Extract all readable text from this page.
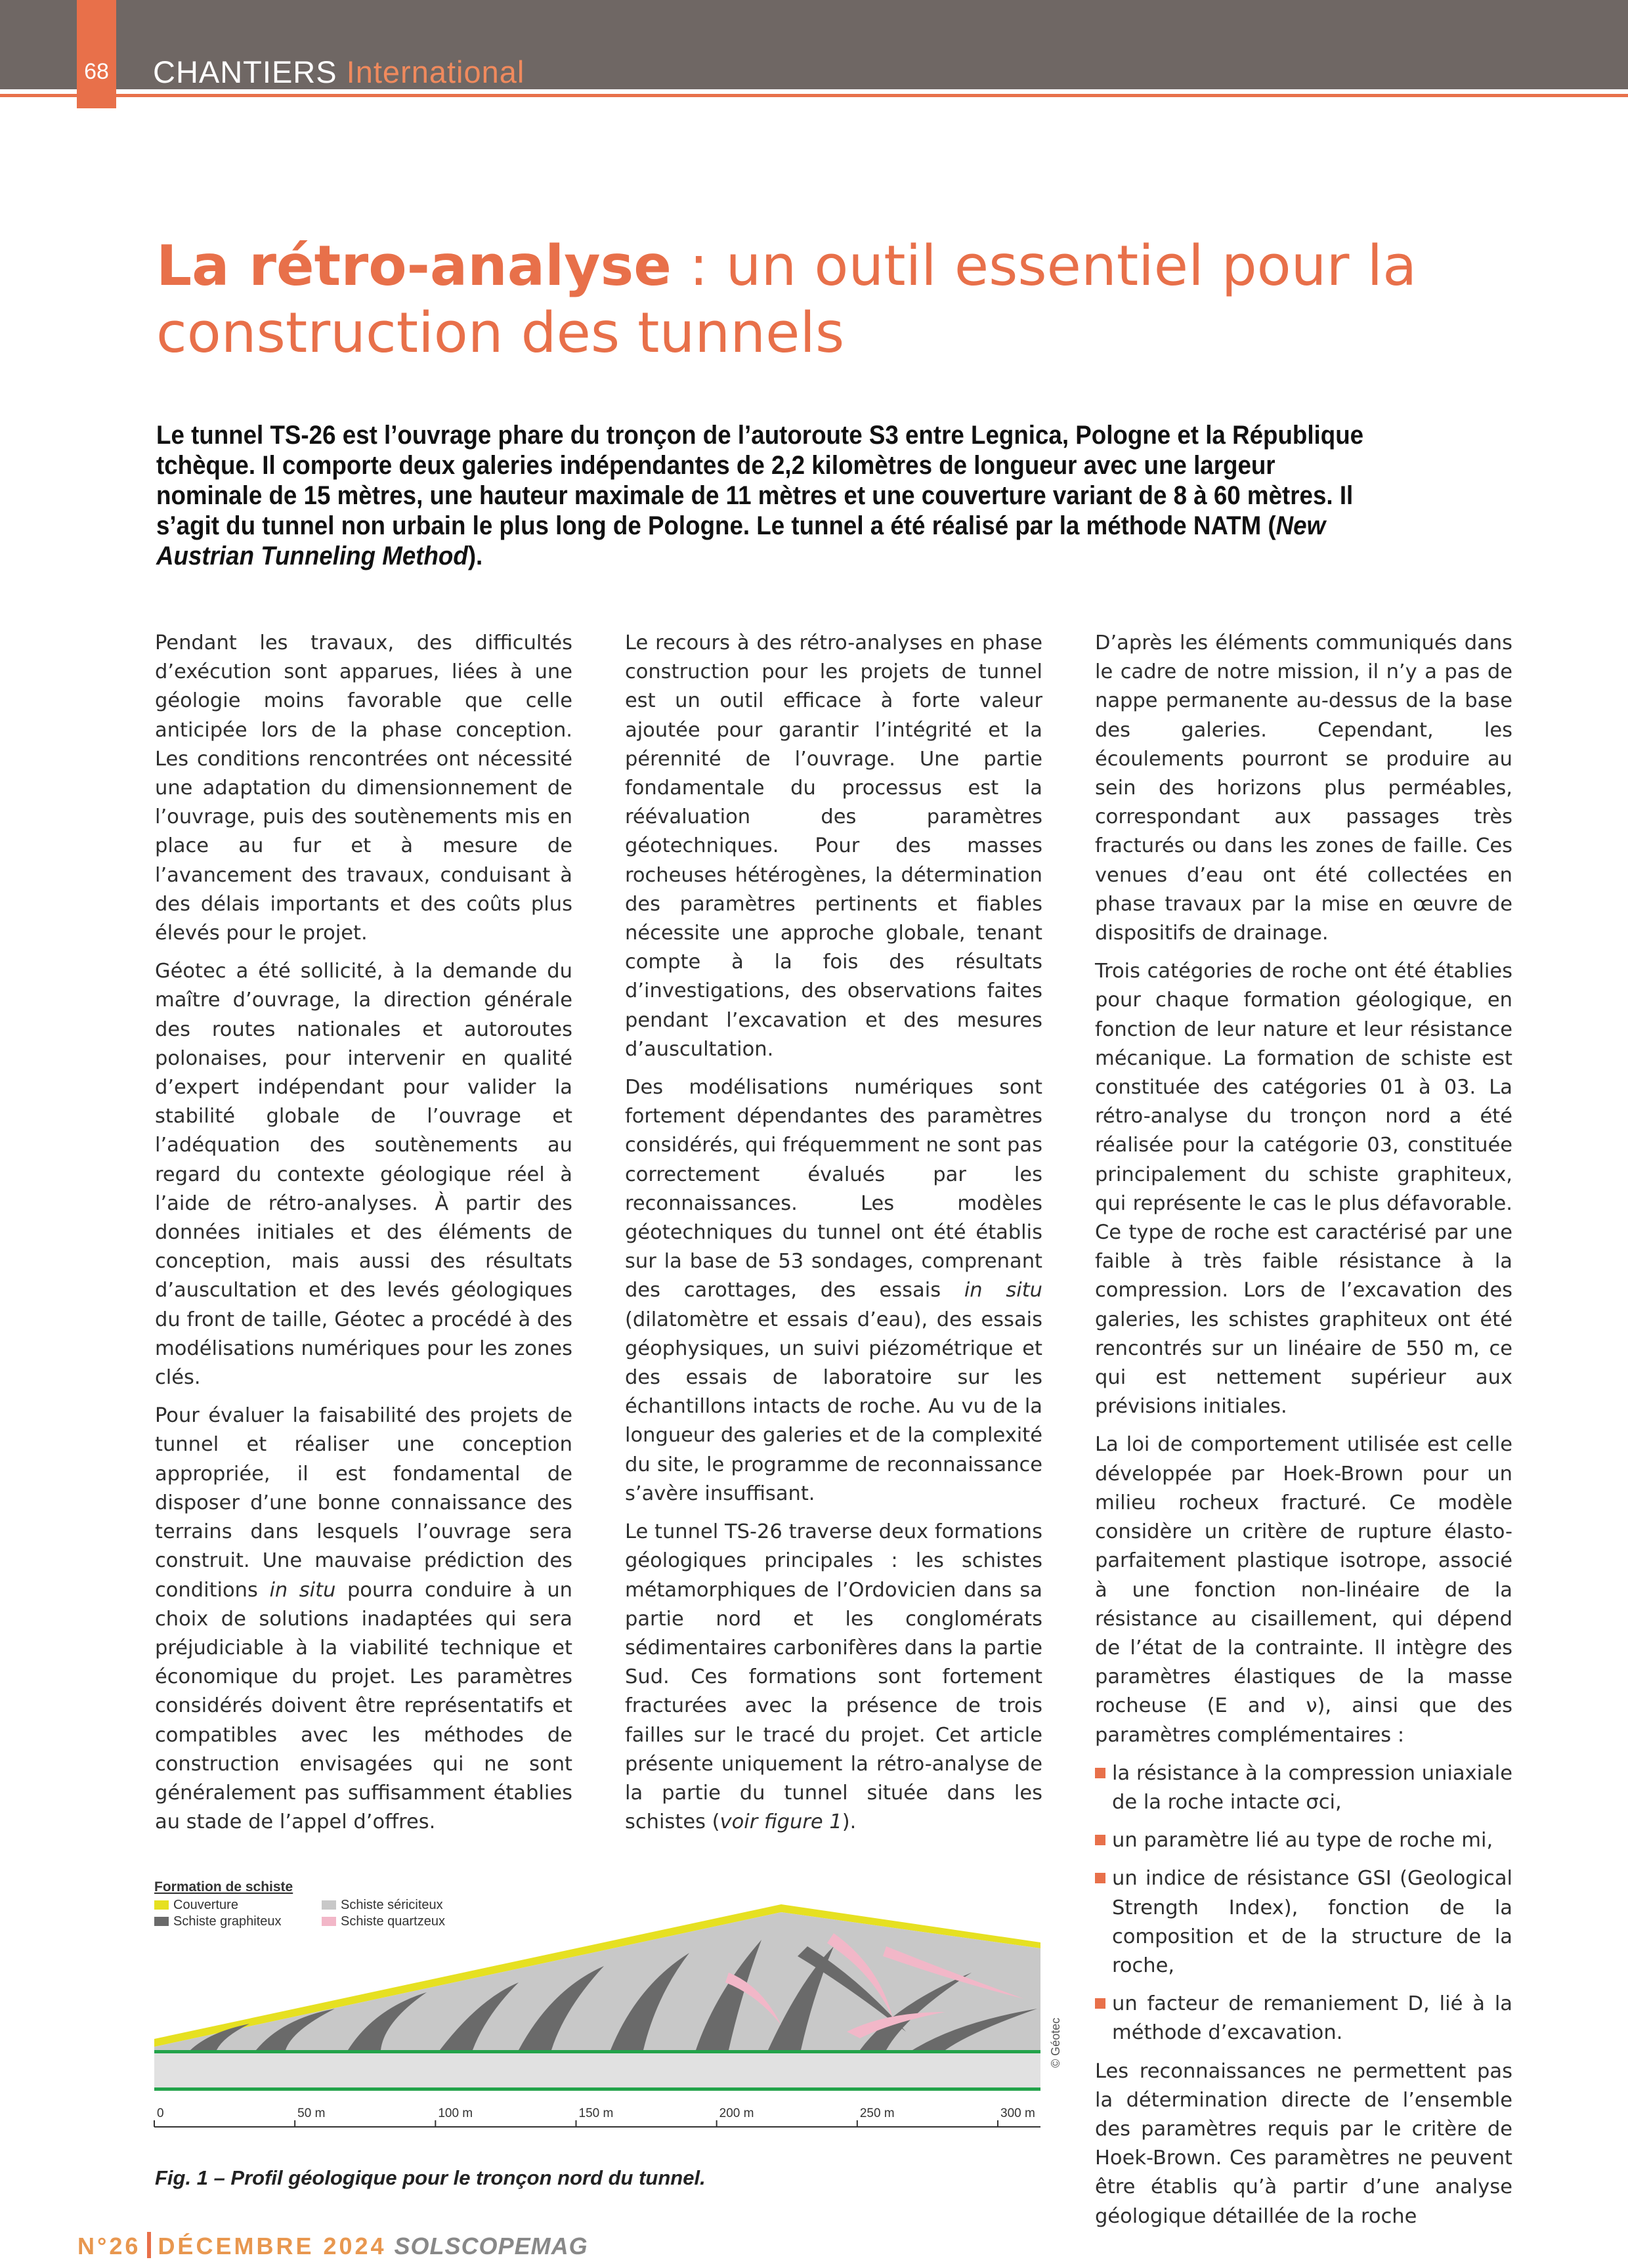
68 CHANTIERS International
La rétro-analyse : un outil essentiel pour la construction des tunnels

Le tunnel TS-26 est l’ouvrage phare du tronçon de l’autoroute S3 entre Legnica, Pologne et la République tchèque. Il comporte deux galeries indépendantes de 2,2 kilomètres de longueur avec une largeur nominale de 15 mètres, une hauteur maximale de 11 mètres et une couverture variant de 8 à 60 mètres. Il s’agit du tunnel non urbain le plus long de Pologne. Le tunnel a été réalisé par la méthode NATM (New Austrian Tunneling Method).

Pendant les travaux, des difficultés d’exécution sont apparues, liées à une géologie moins favorable que celle anticipée lors de la phase conception. Les conditions rencontrées ont nécessité une adaptation du dimensionnement de l’ouvrage, puis des soutènements mis en place au fur et à mesure de l’avancement des travaux, conduisant à des délais importants et des coûts plus élevés pour le projet.

Géotec a été sollicité, à la demande du maître d’ouvrage, la direction générale des routes nationales et autoroutes polonaises, pour intervenir en qualité d’expert indépendant pour valider la stabilité globale de l’ouvrage et l’adéquation des soutènements au regard du contexte géologique réel à l’aide de rétro-analyses. À partir des données initiales et des éléments de conception, mais aussi des résultats d’auscultation et des levés géologiques du front de taille, Géotec a procédé à des modélisations numériques pour les zones clés.

Pour évaluer la faisabilité des projets de tunnel et réaliser une conception appropriée, il est fondamental de disposer d’une bonne connaissance des terrains dans lesquels l’ouvrage sera construit. Une mauvaise prédiction des conditions in situ pourra conduire à un choix de solutions inadaptées qui sera préjudiciable à la viabilité technique et économique du projet. Les paramètres considérés doivent être représentatifs et compatibles avec les méthodes de construction envisagées qui ne sont généralement pas suffisamment établies au stade de l’appel d’offres.

Le recours à des rétro-analyses en phase construction pour les projets de tunnel est un outil efficace à forte valeur ajoutée pour garantir l’intégrité et la pérennité de l’ouvrage. Une partie fondamentale du processus est la réévaluation des paramètres géotechniques. Pour des masses rocheuses hétérogènes, la détermination des paramètres pertinents et fiables nécessite une approche globale, tenant compte à la fois des résultats d’investigations, des observations faites pendant l’excavation et des mesures d’auscultation.

Des modélisations numériques sont fortement dépendantes des paramètres considérés, qui fréquemment ne sont pas correctement évalués par les reconnaissances. Les modèles géotechniques du tunnel ont été établis sur la base de 53 sondages, comprenant des carottages, des essais in situ (dilatomètre et essais d’eau), des essais géophysiques, un suivi piézométrique et des essais de laboratoire sur les échantillons intacts de roche. Au vu de la longueur des galeries et de la complexité du site, le programme de reconnaissance s’avère insuffisant.

Le tunnel TS-26 traverse deux formations géologiques principales : les schistes métamorphiques de l’Ordovicien dans sa partie nord et les conglomérats sédimentaires carbonifères dans la partie Sud. Ces formations sont fortement fracturées avec la présence de trois failles sur le tracé du projet. Cet article présente uniquement la rétro-analyse de la partie du tunnel située dans les schistes (voir figure 1).

D’après les éléments communiqués dans le cadre de notre mission, il n’y a pas de nappe permanente au-dessus de la base des galeries. Cependant, les écoulements pourront se produire au sein des horizons plus perméables, correspondant aux passages très fracturés ou dans les zones de faille. Ces venues d’eau ont été collectées en phase travaux par la mise en œuvre de dispositifs de drainage.

Trois catégories de roche ont été établies pour chaque formation géologique, en fonction de leur nature et leur résistance mécanique. La formation de schiste est constituée des catégories 01 à 03. La rétro-analyse du tronçon nord a été réalisée pour la catégorie 03, constituée principalement du schiste graphiteux, qui représente le cas le plus défavorable. Ce type de roche est caractérisé par une faible à très faible résistance à la compression. Lors de l’excavation des galeries, les schistes graphiteux ont été rencontrés sur un linéaire de 550 m, ce qui est nettement supérieur aux prévisions initiales.

La loi de comportement utilisée est celle développée par Hoek-Brown pour un milieu rocheux fracturé. Ce modèle considère un critère de rupture élasto-parfaitement plastique isotrope, associé à une fonction non-linéaire de la résistance au cisaillement, qui dépend de l’état de la contrainte. Il intègre des paramètres élastiques de la masse rocheuse (E and ν), ainsi que des paramètres complémentaires :

la résistance à la compression uniaxiale de la roche intacte σci,
un paramètre lié au type de roche mi,
un indice de résistance GSI (Geological Strength Index), fonction de la composition et de la structure de la roche,
un facteur de remaniement D, lié à la méthode d’excavation.

Les reconnaissances ne permettent pas la détermination directe de l’ensemble des paramètres requis par le critère de Hoek-Brown. Ces paramètres ne peuvent être établis qu’à partir d’une analyse géologique détaillée de la roche

Formation de schiste
Couverture	Schiste sériciteux
Schiste graphiteux	Schiste quartzeux
0	50 m	100 m	150 m	200 m	250 m	300 m
© Géotec
Fig. 1 – Profil géologique pour le tronçon nord du tunnel.
N°26 DÉCEMBRE 2024 SOLSCOPEMAG
